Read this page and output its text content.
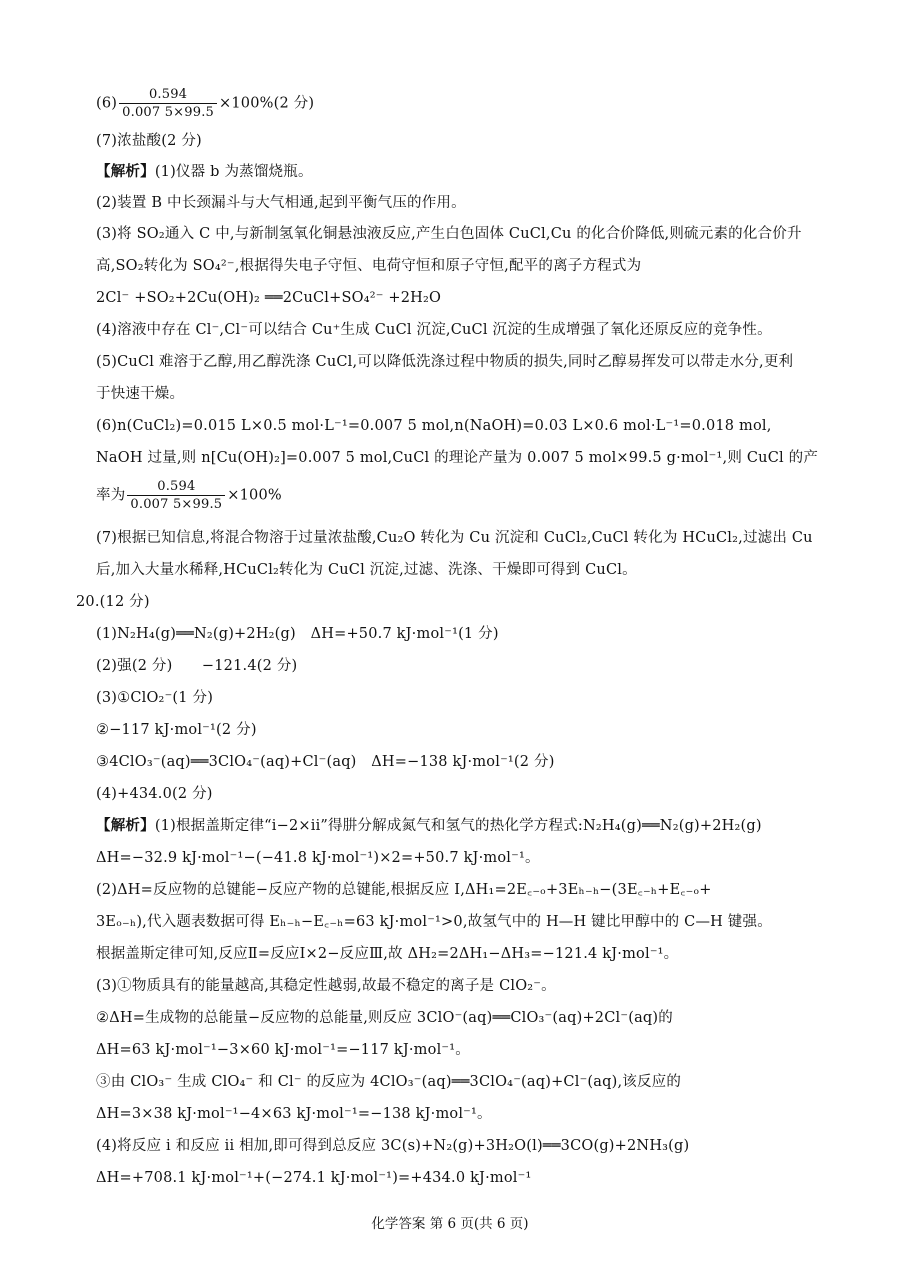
$(6) \frac{0.594}{0.007 5\times 99.5} \times 100\%(2$ 分)
(7)浓盐酸(2 分)
【解析】(1)仪器 b 为蒸馏烧瓶。
(2)装置 B 中长颈漏斗与大气相通,起到平衡气压的作用。
(3)将 SO₂通入 C 中,与新制氢氧化铜悬浊液反应,产生白色固体 CuCl,Cu 的化合价降低,则硫元素的化合价升
高,SO₂转化为 SO₄²⁻,根据得失电子守恒、电荷守恒和原子守恒,配平的离子方程式为
2Cl⁻ +SO₂+2Cu(OH)₂ ══2CuCl+SO₄²⁻ +2H₂O
(4)溶液中存在 Cl⁻,Cl⁻可以结合 Cu⁺生成 CuCl 沉淀,CuCl 沉淀的生成增强了氧化还原反应的竞争性。
(5)CuCl 难溶于乙醇,用乙醇洗涤 CuCl,可以降低洗涤过程中物质的损失,同时乙醇易挥发可以带走水分,更利
于快速干燥。
(6)n(CuCl₂)=0.015 L×0.5 mol·L⁻¹=0.007 5 mol,n(NaOH)=0.03 L×0.6 mol·L⁻¹=0.018 mol,
NaOH 过量,则 n[Cu(OH)₂]=0.007 5 mol,CuCl 的理论产量为 0.007 5 mol×99.5 g·mol⁻¹,则 CuCl 的产
率为 $\frac{0.594}{0.007 5\times 99.5} \times 100\%$
(7)根据已知信息,将混合物溶于过量浓盐酸,Cu₂O 转化为 Cu 沉淀和 CuCl₂,CuCl 转化为 HCuCl₂,过滤出 Cu
后,加入大量水稀释,HCuCl₂转化为 CuCl 沉淀,过滤、洗涤、干燥即可得到 CuCl。
20.(12 分)
(1)N₂H₄(g)══N₂(g)+2H₂(g)　ΔH=+50.7 kJ·mol⁻¹(1 分)
(2)强(2 分)　　−121.4(2 分)
(3)①ClO₂⁻(1 分)
②−117 kJ·mol⁻¹(2 分)
③4ClO₃⁻(aq)══3ClO₄⁻(aq)+Cl⁻(aq)　ΔH=−138 kJ·mol⁻¹(2 分)
(4)+434.0(2 分)
【解析】(1)根据盖斯定律“i−2×ii”得肼分解成氮气和氢气的热化学方程式:N₂H₄(g)══N₂(g)+2H₂(g)
ΔH=−32.9 kJ·mol⁻¹−(−41.8 kJ·mol⁻¹)×2=+50.7 kJ·mol⁻¹。
(2)ΔH=反应物的总键能−反应产物的总键能,根据反应 Ⅰ,ΔH₁=2E꜀₋ₒ+3Eₕ₋ₕ−(3E꜀₋ₕ+E꜀₋ₒ+
3Eₒ₋ₕ),代入题表数据可得 Eₕ₋ₕ−E꜀₋ₕ=63 kJ·mol⁻¹>0,故氢气中的 H—H 键比甲醇中的 C—H 键强。
根据盖斯定律可知,反应Ⅱ=反应Ⅰ×2−反应Ⅲ,故 ΔH₂=2ΔH₁−ΔH₃=−121.4 kJ·mol⁻¹。
(3)①物质具有的能量越高,其稳定性越弱,故最不稳定的离子是 ClO₂⁻。
②ΔH=生成物的总能量−反应物的总能量,则反应 3ClO⁻(aq)══ClO₃⁻(aq)+2Cl⁻(aq)的
ΔH=63 kJ·mol⁻¹−3×60 kJ·mol⁻¹=−117 kJ·mol⁻¹。
③由 ClO₃⁻ 生成 ClO₄⁻ 和 Cl⁻ 的反应为 4ClO₃⁻(aq)══3ClO₄⁻(aq)+Cl⁻(aq),该反应的
ΔH=3×38 kJ·mol⁻¹−4×63 kJ·mol⁻¹=−138 kJ·mol⁻¹。
(4)将反应 i 和反应 ii 相加,即可得到总反应 3C(s)+N₂(g)+3H₂O(l)══3CO(g)+2NH₃(g)
ΔH=+708.1 kJ·mol⁻¹+(−274.1 kJ·mol⁻¹)=+434.0 kJ·mol⁻¹
化学答案 第 6 页(共 6 页)
